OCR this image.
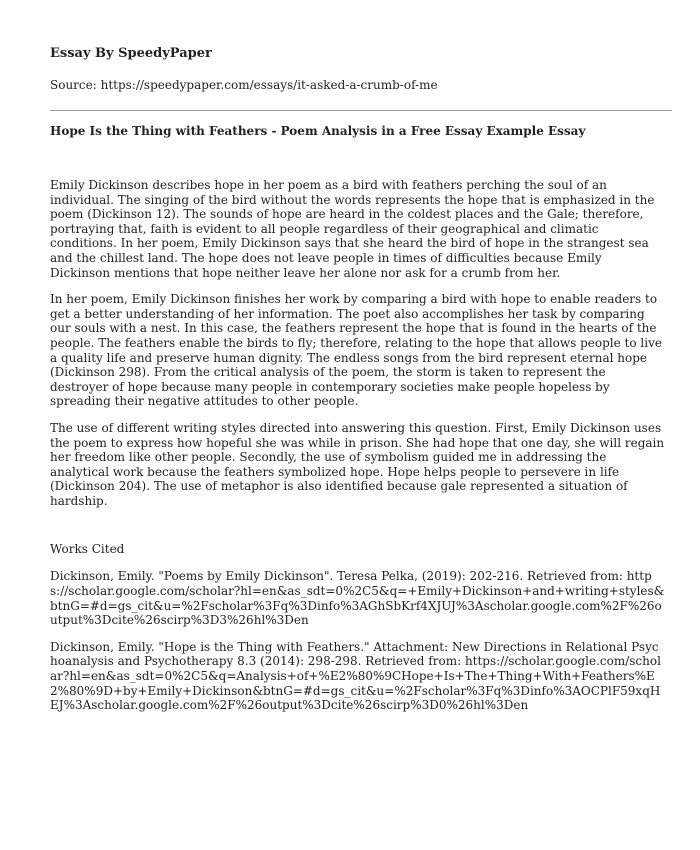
Essay By SpeedyPaper

Source: https://speedypaper.com/essays/it-asked-a-crumb-of-me

Hope Is the Thing with Feathers - Poem Analysis in a Free Essay Example Essay

Emily Dickinson describes hope in her poem as a bird with feathers perching the soul of an individual. The singing of the bird without the words represents the hope that is emphasized in the poem (Dickinson 12). The sounds of hope are heard in the coldest places and the Gale; therefore, portraying that, faith is evident to all people regardless of their geographical and climatic conditions. In her poem, Emily Dickinson says that she heard the bird of hope in the strangest sea and the chillest land. The hope does not leave people in times of difficulties because Emily Dickinson mentions that hope neither leave her alone nor ask for a crumb from her.

In her poem, Emily Dickinson finishes her work by comparing a bird with hope to enable readers to get a better understanding of her information. The poet also accomplishes her task by comparing our souls with a nest. In this case, the feathers represent the hope that is found in the hearts of the people. The feathers enable the birds to fly; therefore, relating to the hope that allows people to live a quality life and preserve human dignity. The endless songs from the bird represent eternal hope (Dickinson 298). From the critical analysis of the poem, the storm is taken to represent the destroyer of hope because many people in contemporary societies make people hopeless by spreading their negative attitudes to other people.

The use of different writing styles directed into answering this question. First, Emily Dickinson uses the poem to express how hopeful she was while in prison. She had hope that one day, she will regain her freedom like other people. Secondly, the use of symbolism guided me in addressing the analytical work because the feathers symbolized hope. Hope helps people to persevere in life (Dickinson 204). The use of metaphor is also identified because gale represented a situation of hardship.

Works Cited

Dickinson, Emily. "Poems by Emily Dickinson". Teresa Pelka, (2019): 202-216. Retrieved from: https://scholar.google.com/scholar?hl=en&as_sdt=0%2C5&q=+Emily+Dickinson+and+writing+styles&btnG=#d=gs_cit&u=%2Fscholar%3Fq%3Dinfo%3AGhSbKrf4XJUJ%3Ascholar.google.com%2F%26output%3Dcite%26scirp%3D3%26hl%3Den

Dickinson, Emily. "Hope is the Thing with Feathers." Attachment: New Directions in Relational Psychoanalysis and Psychotherapy 8.3 (2014): 298-298. Retrieved from: https://scholar.google.com/scholar?hl=en&as_sdt=0%2C5&q=Analysis+of+%E2%80%9CHope+Is+The+Thing+With+Feathers%E2%80%9D+by+Emily+Dickinson&btnG=#d=gs_cit&u=%2Fscholar%3Fq%3Dinfo%3AOCPlF59xqHEJ%3Ascholar.google.com%2F%26output%3Dcite%26scirp%3D0%26hl%3Den
